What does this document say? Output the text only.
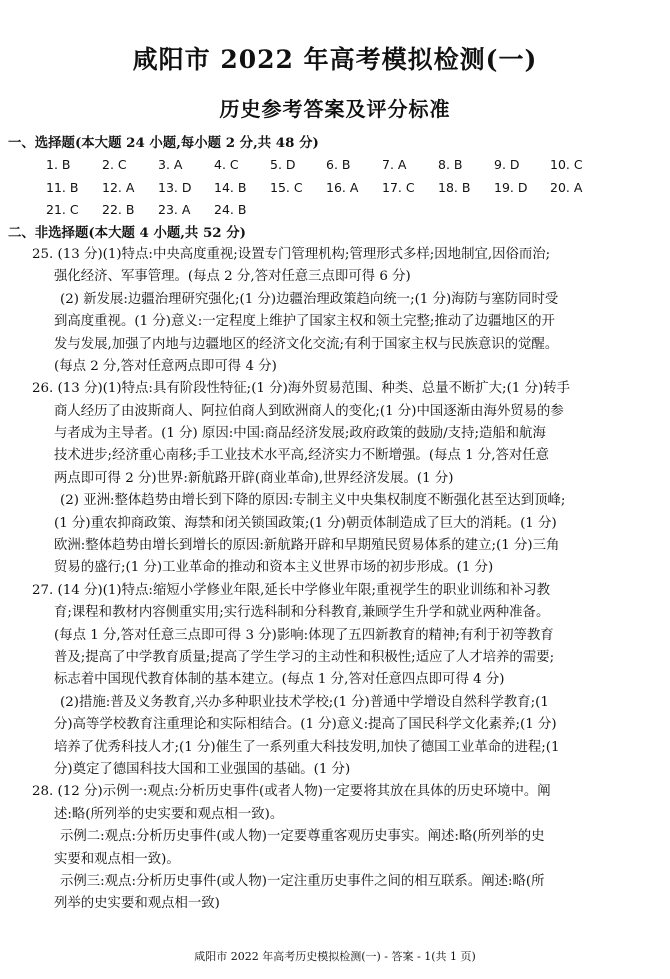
咸阳市 2022 年高考模拟检测(一)
历史参考答案及评分标准
一、选择题(本大题 24 小题,每小题 2 分,共 48 分)
1. B	2. C	3. A	4. C	5. D 6. B	7. A	8. B	9. D 10. C
11. B 12. A 13. D 14. B 15. C 16. A 17. C 18. B 19. D 20. A
21. C 22. B 23. A 24. B
二、非选择题(本大题 4 小题,共 52 分)
25. (13 分)(1)特点:中央高度重视;设置专门管理机构;管理形式多样;因地制宜,因俗而治;
强化经济、军事管理。(每点 2 分,答对任意三点即可得 6 分)
(2) 新发展:边疆治理研究强化;(1 分)边疆治理政策趋向统一;(1 分)海防与塞防同时受
到高度重视。(1 分)意义:一定程度上维护了国家主权和领土完整;推动了边疆地区的开
发与发展,加强了内地与边疆地区的经济文化交流;有利于国家主权与民族意识的觉醒。
(每点 2 分,答对任意两点即可得 4 分)
26. (13 分)(1)特点:具有阶段性特征;(1 分)海外贸易范围、种类、总量不断扩大;(1 分)转手
商人经历了由波斯商人、阿拉伯商人到欧洲商人的变化;(1 分)中国逐渐由海外贸易的参
与者成为主导者。(1 分) 原因:中国:商品经济发展;政府政策的鼓励/支持;造船和航海
技术进步;经济重心南移;手工业技术水平高,经济实力不断增强。(每点 1 分,答对任意
两点即可得 2 分)世界:新航路开辟(商业革命),世界经济发展。(1 分)
(2) 亚洲:整体趋势由增长到下降的原因:专制主义中央集权制度不断强化甚至达到顶峰;
(1 分)重农抑商政策、海禁和闭关锁国政策;(1 分)朝贡体制造成了巨大的消耗。(1 分)
欧洲:整体趋势由增长到增长的原因:新航路开辟和早期殖民贸易体系的建立;(1 分)三角
贸易的盛行;(1 分)工业革命的推动和资本主义世界市场的初步形成。(1 分)
27. (14 分)(1)特点:缩短小学修业年限,延长中学修业年限;重视学生的职业训练和补习教
育;课程和教材内容侧重实用;实行选科制和分科教育,兼顾学生升学和就业两种准备。
(每点 1 分,答对任意三点即可得 3 分)影响:体现了五四新教育的精神;有利于初等教育
普及;提高了中学教育质量;提高了学生学习的主动性和积极性;适应了人才培养的需要;
标志着中国现代教育体制的基本建立。(每点 1 分,答对任意四点即可得 4 分)
(2)措施:普及义务教育,兴办多种职业技术学校;(1 分)普通中学增设自然科学教育;(1
分)高等学校教育注重理论和实际相结合。(1 分)意义:提高了国民科学文化素养;(1 分)
培养了优秀科技人才;(1 分)催生了一系列重大科技发明,加快了德国工业革命的进程;(1
分)奠定了德国科技大国和工业强国的基础。(1 分)
28. (12 分)示例一:观点:分析历史事件(或者人物)一定要将其放在具体的历史环境中。阐
述:略(所列举的史实要和观点相一致)。
示例二:观点:分析历史事件(或人物)一定要尊重客观历史事实。阐述:略(所列举的史
实要和观点相一致)。
示例三:观点:分析历史事件(或人物)一定注重历史事件之间的相互联系。阐述:略(所
列举的史实要和观点相一致)
咸阳市 2022 年高考历史模拟检测(一) - 答案 - 1(共 1 页)
